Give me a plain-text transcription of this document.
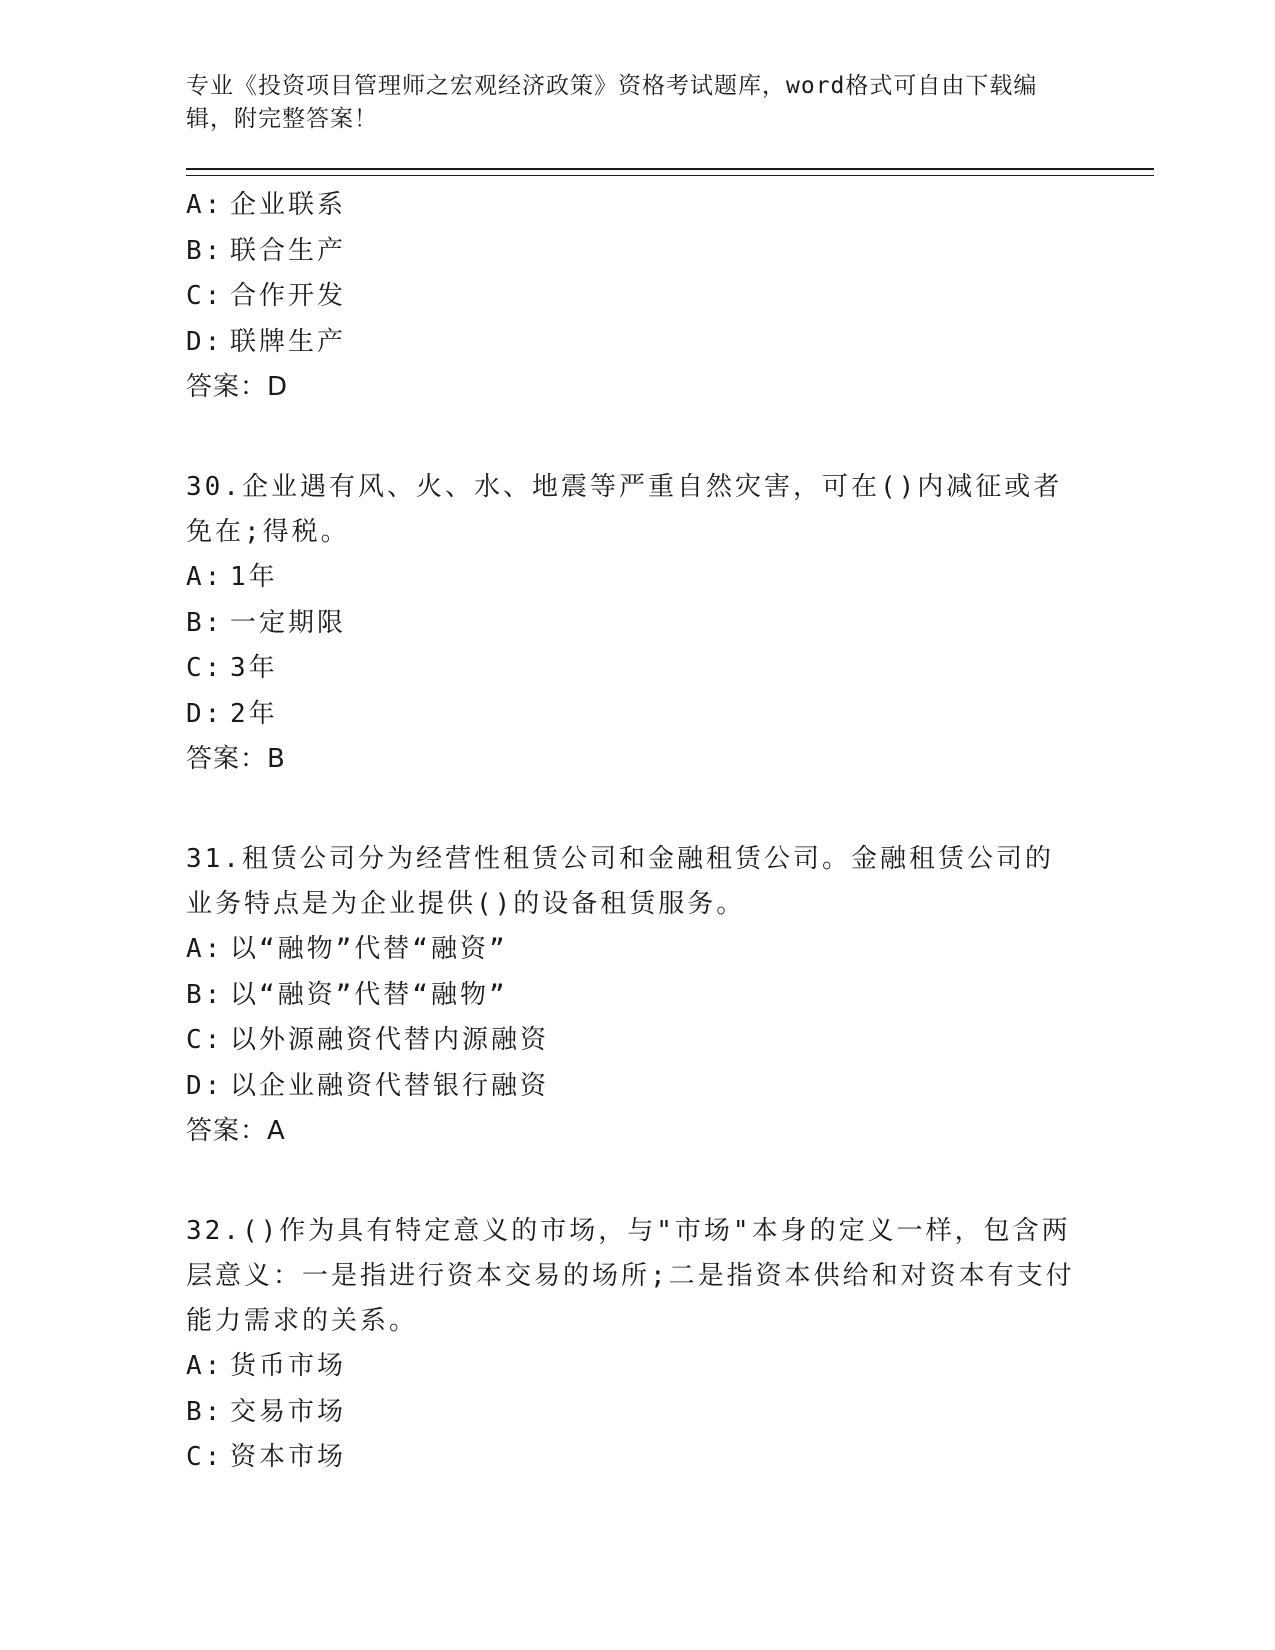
专业《投资项目管理师之宏观经济政策》资格考试题库，word格式可自由下载编辑，附完整答案！

A: 企业联系

B: 联合生产

C: 合作开发

D: 联牌生产

答案：D

30.企业遇有风、火、水、地震等严重自然灾害，可在()内减征或者免在;得税。

A: 1年

B: 一定期限

C: 3年

D: 2年

答案：B

31.租赁公司分为经营性租赁公司和金融租赁公司。金融租赁公司的业务特点是为企业提供()的设备租赁服务。

A: 以“融物”代替“融资”

B: 以“融资”代替“融物”

C: 以外源融资代替内源融资

D: 以企业融资代替银行融资

答案：A

32.()作为具有特定意义的市场，与"市场"本身的定义一样，包含两层意义：一是指进行资本交易的场所;二是指资本供给和对资本有支付能力需求的关系。

A: 货币市场

B: 交易市场

C: 资本市场
